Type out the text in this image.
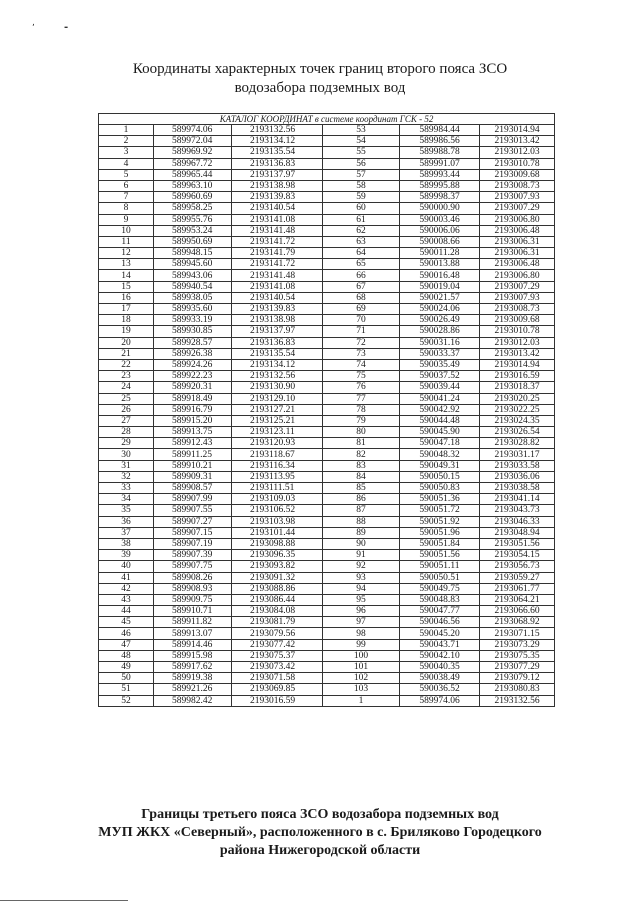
,	-
Координаты характерных точек границ второго пояса ЗСО
водозабора подземных вод
КАТАЛОГ КООРДИНАТ в системе координат ГСК - 52					
1	589974.06	2193132.56	53	589984.44	2193014.94
2	589972.04	2193134.12	54	589986.56	2193013.42
3	589969.92	2193135.54	55	589988.78	2193012.03
4	589967.72	2193136.83	56	589991.07	2193010.78
5	589965.44	2193137.97	57	589993.44	2193009.68
6	589963.10	2193138.98	58	589995.88	2193008.73
7	589960.69	2193139.83	59	589998.37	2193007.93
8	589958.25	2193140.54	60	590000.90	2193007.29
9	589955.76	2193141.08	61	590003.46	2193006.80
10	589953.24	2193141.48	62	590006.06	2193006.48
11	589950.69	2193141.72	63	590008.66	2193006.31
12	589948.15	2193141.79	64	590011.28	2193006.31
13	589945.60	2193141.72	65	590013.88	2193006.48
14	589943.06	2193141.48	66	590016.48	2193006.80
15	589940.54	2193141.08	67	590019.04	2193007.29
16	589938.05	2193140.54	68	590021.57	2193007.93
17	589935.60	2193139.83	69	590024.06	2193008.73
18	589933.19	2193138.98	70	590026.49	2193009.68
19	589930.85	2193137.97	71	590028.86	2193010.78
20	589928.57	2193136.83	72	590031.16	2193012.03
21	589926.38	2193135.54	73	590033.37	2193013.42
22	589924.26	2193134.12	74	590035.49	2193014.94
23	589922.23	2193132.56	75	590037.52	2193016.59
24	589920.31	2193130.90	76	590039.44	2193018.37
25	589918.49	2193129.10	77	590041.24	2193020.25
26	589916.79	2193127.21	78	590042.92	2193022.25
27	589915.20	2193125.21	79	590044.48	2193024.35
28	589913.75	2193123.11	80	590045.90	2193026.54
29	589912.43	2193120.93	81	590047.18	2193028.82
30	589911.25	2193118.67	82	590048.32	2193031.17
31	589910.21	2193116.34	83	590049.31	2193033.58
32	589909.31	2193113.95	84	590050.15	2193036.06
33	589908.57	2193111.51	85	590050.83	2193038.58
34	589907.99	2193109.03	86	590051.36	2193041.14
35	589907.55	2193106.52	87	590051.72	2193043.73
36	589907.27	2193103.98	88	590051.92	2193046.33
37	589907.15	2193101.44	89	590051.96	2193048.94
38	589907.19	2193098.88	90	590051.84	2193051.56
39	589907.39	2193096.35	91	590051.56	2193054.15
40	589907.75	2193093.82	92	590051.11	2193056.73
41	589908.26	2193091.32	93	590050.51	2193059.27
42	589908.93	2193088.86	94	590049.75	2193061.77
43	589909.75	2193086.44	95	590048.83	2193064.21
44	589910.71	2193084.08	96	590047.77	2193066.60
45	589911.82	2193081.79	97	590046.56	2193068.92
46	589913.07	2193079.56	98	590045.20	2193071.15
47	589914.46	2193077.42	99	590043.71	2193073.29
48	589915.98	2193075.37	100	590042.10	2193075.35
49	589917.62	2193073.42	101	590040.35	2193077.29
50	589919.38	2193071.58	102	590038.49	2193079.12
51	589921.26	2193069.85	103	590036.52	2193080.83
52	589982.42	2193016.59	1	589974.06	2193132.56
Границы третьего пояса ЗСО водозабора подземных вод
МУП ЖКХ «Северный», расположенного в с. Бриляково Городецкого
района Нижегородской области
